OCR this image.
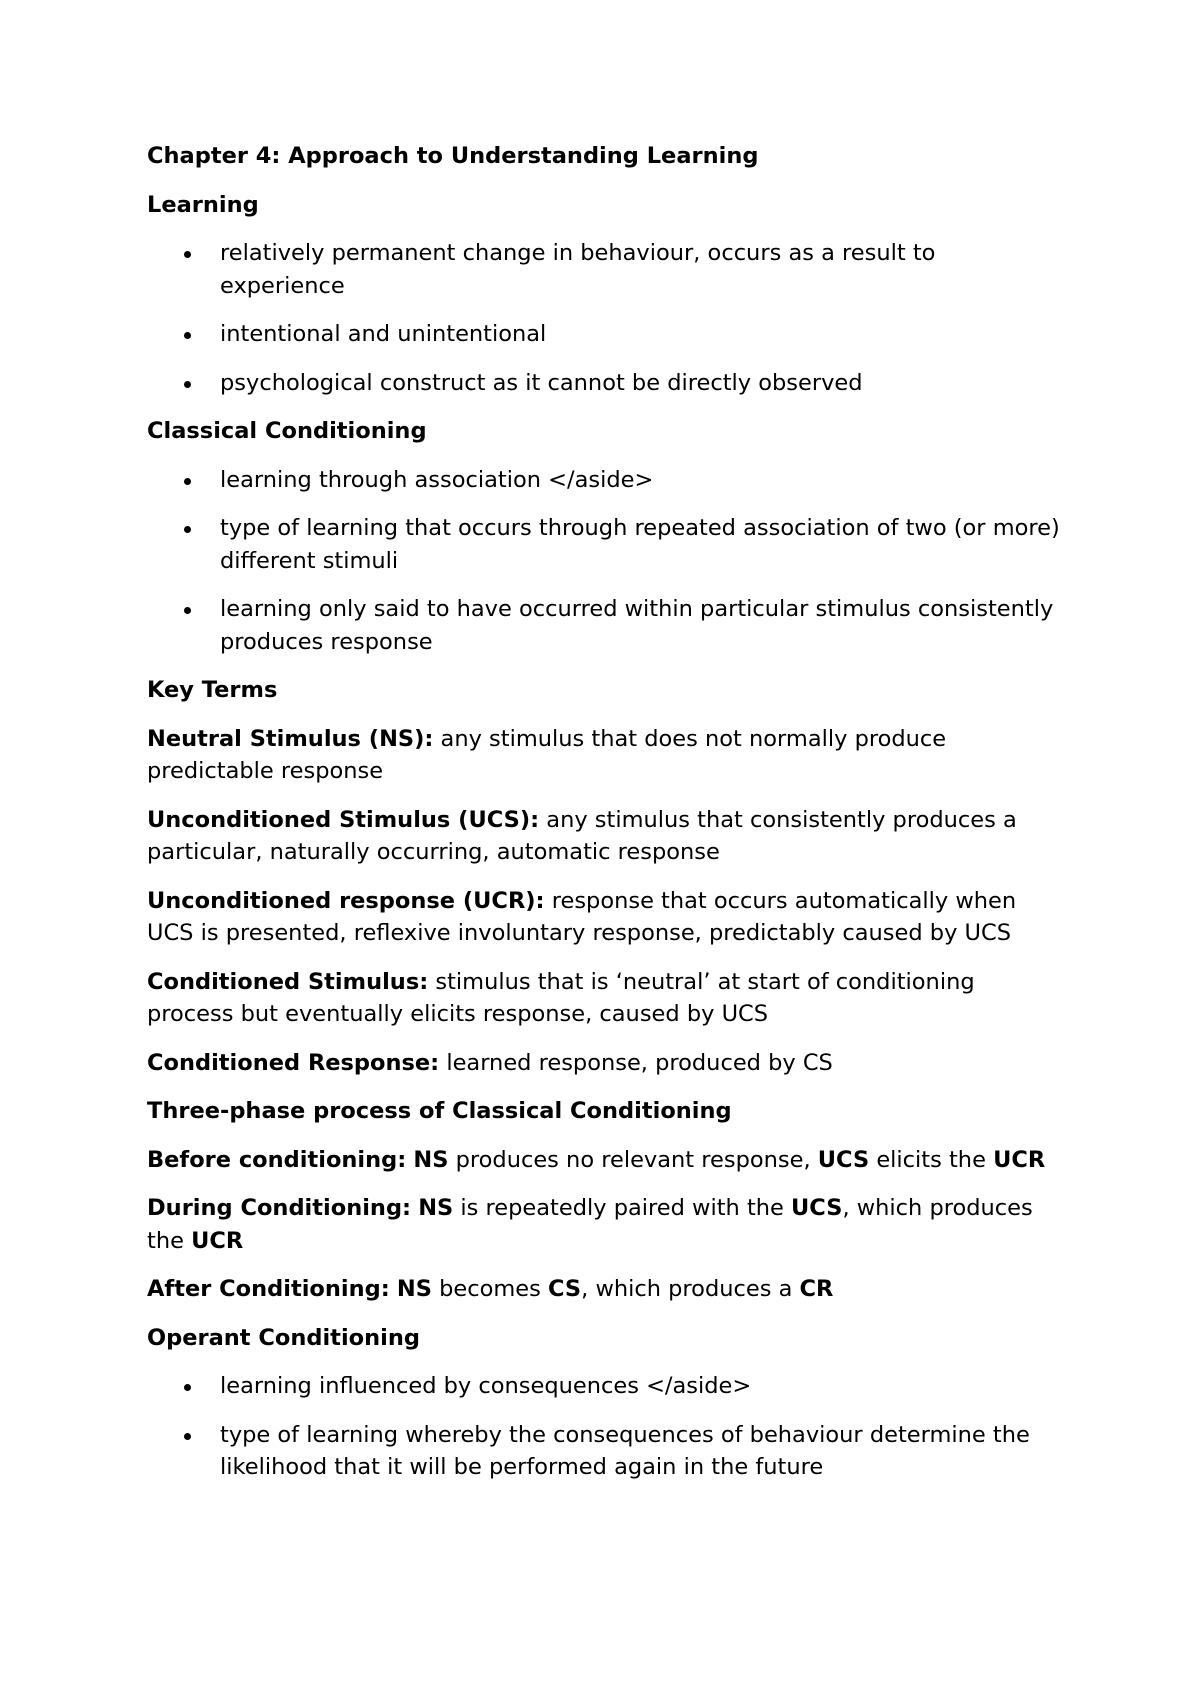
Chapter 4: Approach to Understanding Learning
Learning
relatively permanent change in behaviour, occurs as a result to experience
intentional and unintentional
psychological construct as it cannot be directly observed
Classical Conditioning
learning through association </aside>
type of learning that occurs through repeated association of two (or more) different stimuli
learning only said to have occurred within particular stimulus consistently produces response
Key Terms
Neutral Stimulus (NS): any stimulus that does not normally produce predictable response
Unconditioned Stimulus (UCS): any stimulus that consistently produces a particular, naturally occurring, automatic response
Unconditioned response (UCR): response that occurs automatically when UCS is presented, reflexive involuntary response, predictably caused by UCS
Conditioned Stimulus: stimulus that is ‘neutral’ at start of conditioning process but eventually elicits response, caused by UCS
Conditioned Response: learned response, produced by CS
Three-phase process of Classical Conditioning
Before conditioning: NS produces no relevant response, UCS elicits the UCR
During Conditioning: NS is repeatedly paired with the UCS, which produces the UCR
After Conditioning: NS becomes CS, which produces a CR
Operant Conditioning
learning influenced by consequences </aside>
type of learning whereby the consequences of behaviour determine the likelihood that it will be performed again in the future
